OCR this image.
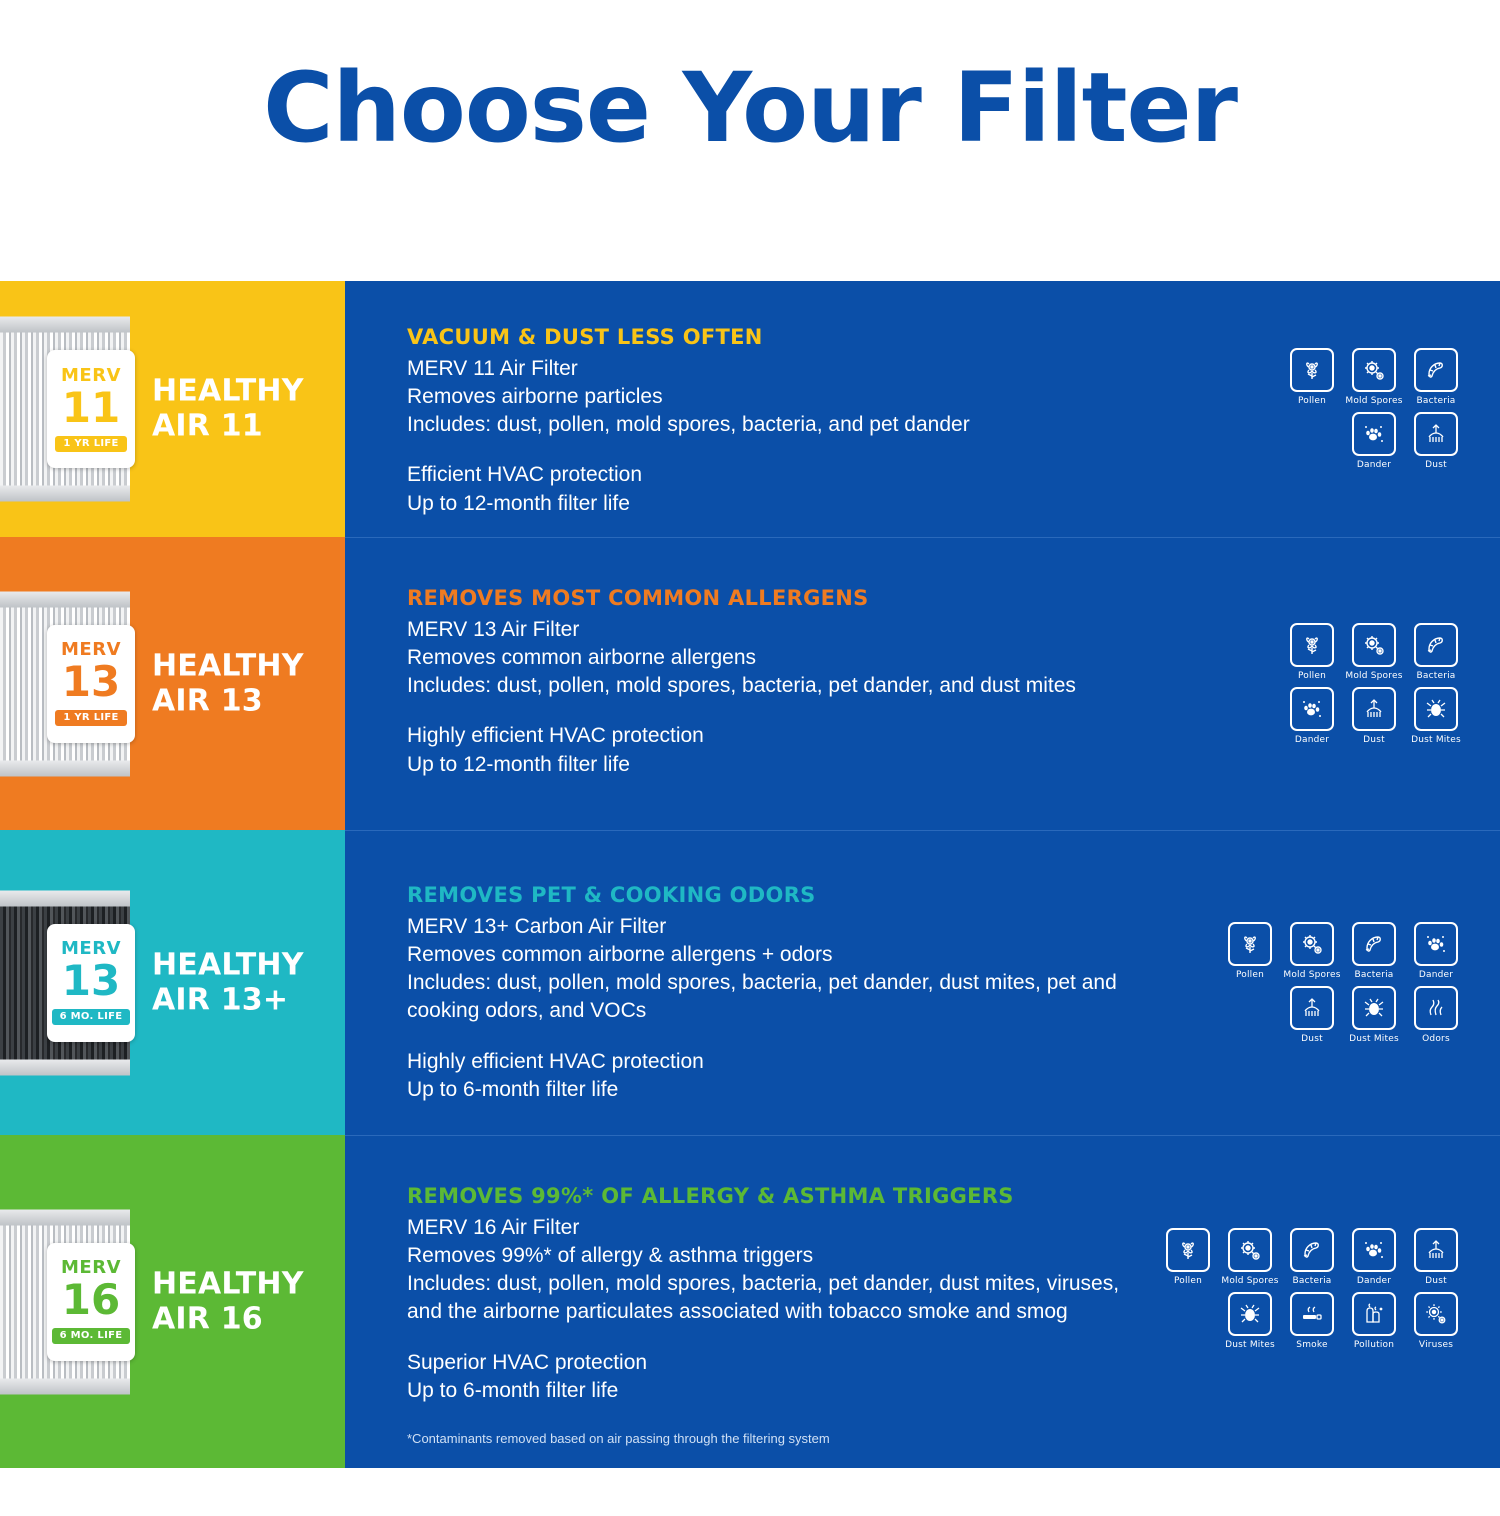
Choose Your Filter
MERV
11
1 YR LIFE
HEALTHY
AIR 11
VACUUM & DUST LESS OFTEN

MERV 11 Air Filter

Removes airborne particles

Includes: dust, pollen, mold spores, bacteria, and pet dander

Efficient HVAC protection

Up to 12-month filter life

Pollen Mold Spores Bacteria
Dander	Dust
MERV
13
1 YR LIFE
HEALTHY
AIR 13
REMOVES MOST COMMON ALLERGENS

MERV 13 Air Filter

Removes common airborne allergens

Includes: dust, pollen, mold spores, bacteria, pet dander, and dust mites

Highly efficient HVAC protection

Up to 12-month filter life

Pollen Mold Spores Bacteria
Dander	Dust	Dust Mites
MERV
13
6 MO. LIFE
HEALTHY
AIR 13+
REMOVES PET & COOKING ODORS

MERV 13+ Carbon Air Filter

Removes common airborne allergens + odors

Includes: dust, pollen, mold spores, bacteria, pet dander, dust mites, pet and cooking odors, and VOCs

Highly efficient HVAC protection

Up to 6-month filter life

Pollen Mold Spores Bacteria	Dander
Dust	Dust Mites	Odors
MERV
16
6 MO. LIFE
HEALTHY
AIR 16
REMOVES 99%* OF ALLERGY & ASTHMA TRIGGERS

MERV 16 Air Filter

Removes 99%* of allergy & asthma triggers

Includes: dust, pollen, mold spores, bacteria, pet dander, dust mites, viruses, and the airborne particulates associated with tobacco smoke and smog

Superior HVAC protection

Up to 6-month filter life

*Contaminants removed based on air passing through the filtering system
Pollen Mold Spores Bacteria	Dander	Dust
Dust Mites Smoke	Pollution	Viruses
